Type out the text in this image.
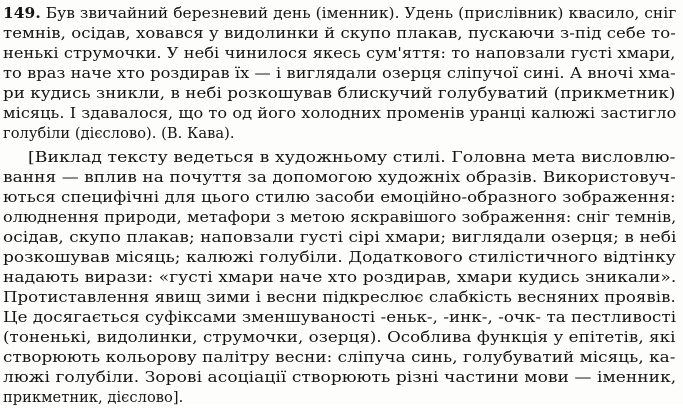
149. Був звичайний березневий день (іменник). Удень (прислівник) квасило, сніг
темнів, осідав, ховався у видолинки й скупо плакав, пускаючи з-під себе то-
ненькі струмочки. У небі чинилося якесь сум'яття: то наповзали густі хмари,
то враз наче хто роздирав їх — і виглядали озерця сліпучої сині. А вночі хма-
ри кудись зникли, в небі розкошував блискучий голубуватий (прикметник)
місяць. І здавалося, що то од його холодних променів уранці калюжі застигло
голубіли (дієслово). (В. Кава).
[Виклад тексту ведеться в художньому стилі. Головна мета висловлю-
вання — вплив на почуття за допомогою художніх образів. Використовуч-
ються специфічні для цього стилю засоби емоційно-образного зображення:
олюднення природи, метафори з метою яскравішого зображення: сніг темнів,
осідав, скупо плакав; наповзали густі сірі хмари; виглядали озерця; в небі
розкошував місяць; калюжі голубіли. Додаткового стилістичного відтінку
надають вирази: «густі хмари наче хто роздирав, хмари кудись зникали».
Протиставлення явищ зими і весни підкреслює слабкість весняних проявів.
Це досягається суфіксами зменшуваності -еньк-, -инк-, -очк- та пестливості
(тоненькі, видолинки, струмочки, озерця). Особлива функція у епітетів, які
створюють кольорову палітру весни: сліпуча синь, голубуватий місяць, ка-
люжі голубіли. Зорові асоціації створюють різні частини мови — іменник,
прикметник, дієслово].
